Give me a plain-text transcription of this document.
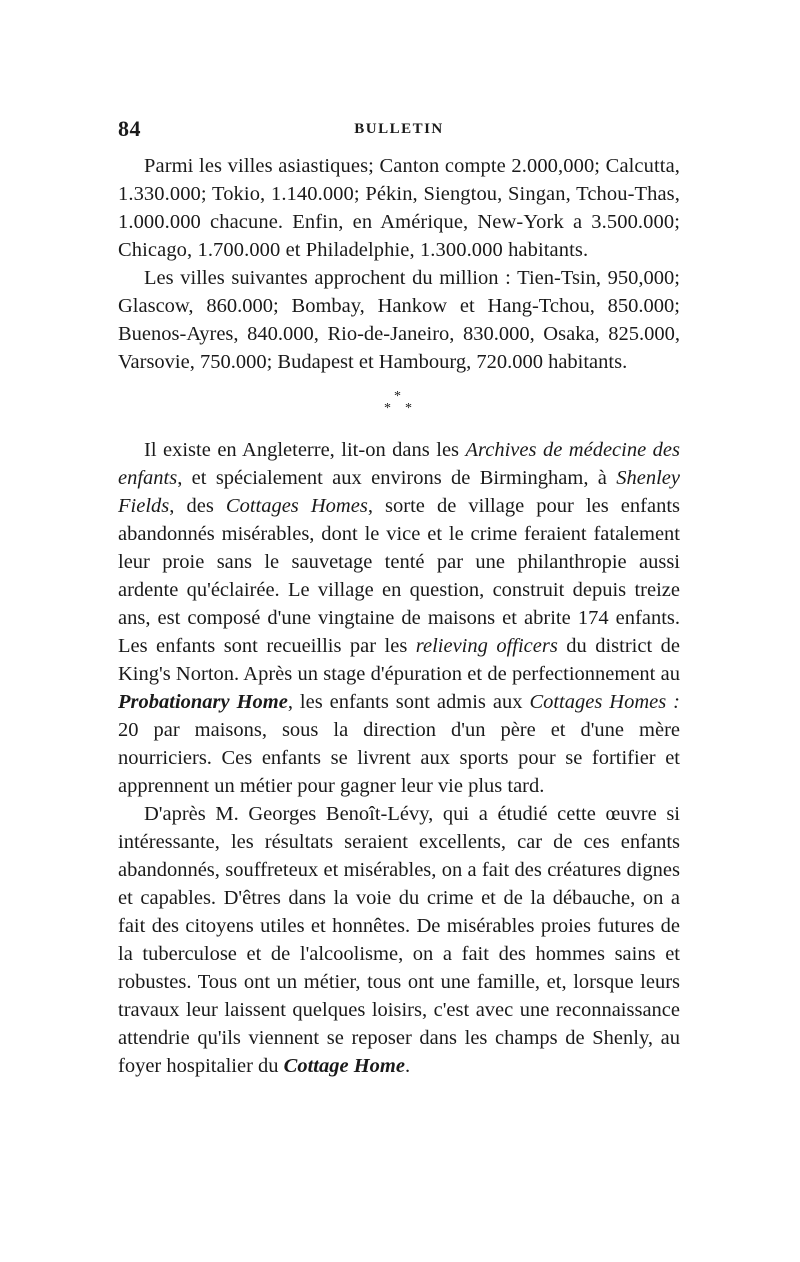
84	BULLETIN

Parmi les villes asiastiques; Canton compte 2.000,000; Calcutta, 1.330.000; Tokio, 1.140.000; Pékin, Siengtou, Singan, Tchou-Thas, 1.000.000 chacune. Enfin, en Amérique, New-York a 3.500.000; Chicago, 1.700.000 et Philadelphie, 1.300.000 habitants.

Les villes suivantes approchent du million : Tien-Tsin, 950,000; Glascow, 860.000; Bombay, Hankow et Hang-Tchou, 850.000; Buenos-Ayres, 840.000, Rio-de-Janeiro, 830.000, Osaka, 825.000, Varsovie, 750.000; Budapest et Hambourg, 720.000 habitants.

*
* *

Il existe en Angleterre, lit-on dans les Archives de médecine des enfants, et spécialement aux environs de Birmingham, à Shenley Fields, des Cottages Homes, sorte de village pour les enfants abandonnés misérables, dont le vice et le crime feraient fatalement leur proie sans le sauvetage tenté par une philanthropie aussi ardente qu'éclairée. Le village en question, construit depuis treize ans, est composé d'une vingtaine de maisons et abrite 174 enfants. Les enfants sont recueillis par les relieving officers du district de King's Norton. Après un stage d'épuration et de perfectionnement au Probationary Home, les enfants sont admis aux Cottages Homes : 20 par maisons, sous la direction d'un père et d'une mère nourriciers. Ces enfants se livrent aux sports pour se fortifier et apprennent un métier pour gagner leur vie plus tard.

D'après M. Georges Benoît-Lévy, qui a étudié cette œuvre si intéressante, les résultats seraient excellents, car de ces enfants abandonnés, souffreteux et misérables, on a fait des créatures dignes et capables. D'êtres dans la voie du crime et de la débauche, on a fait des citoyens utiles et honnêtes. De misérables proies futures de la tuberculose et de l'alcoolisme, on a fait des hommes sains et robustes. Tous ont un métier, tous ont une famille, et, lorsque leurs travaux leur laissent quelques loisirs, c'est avec une reconnaissance attendrie qu'ils viennent se reposer dans les champs de Shenly, au foyer hospitalier du Cottage Home.
